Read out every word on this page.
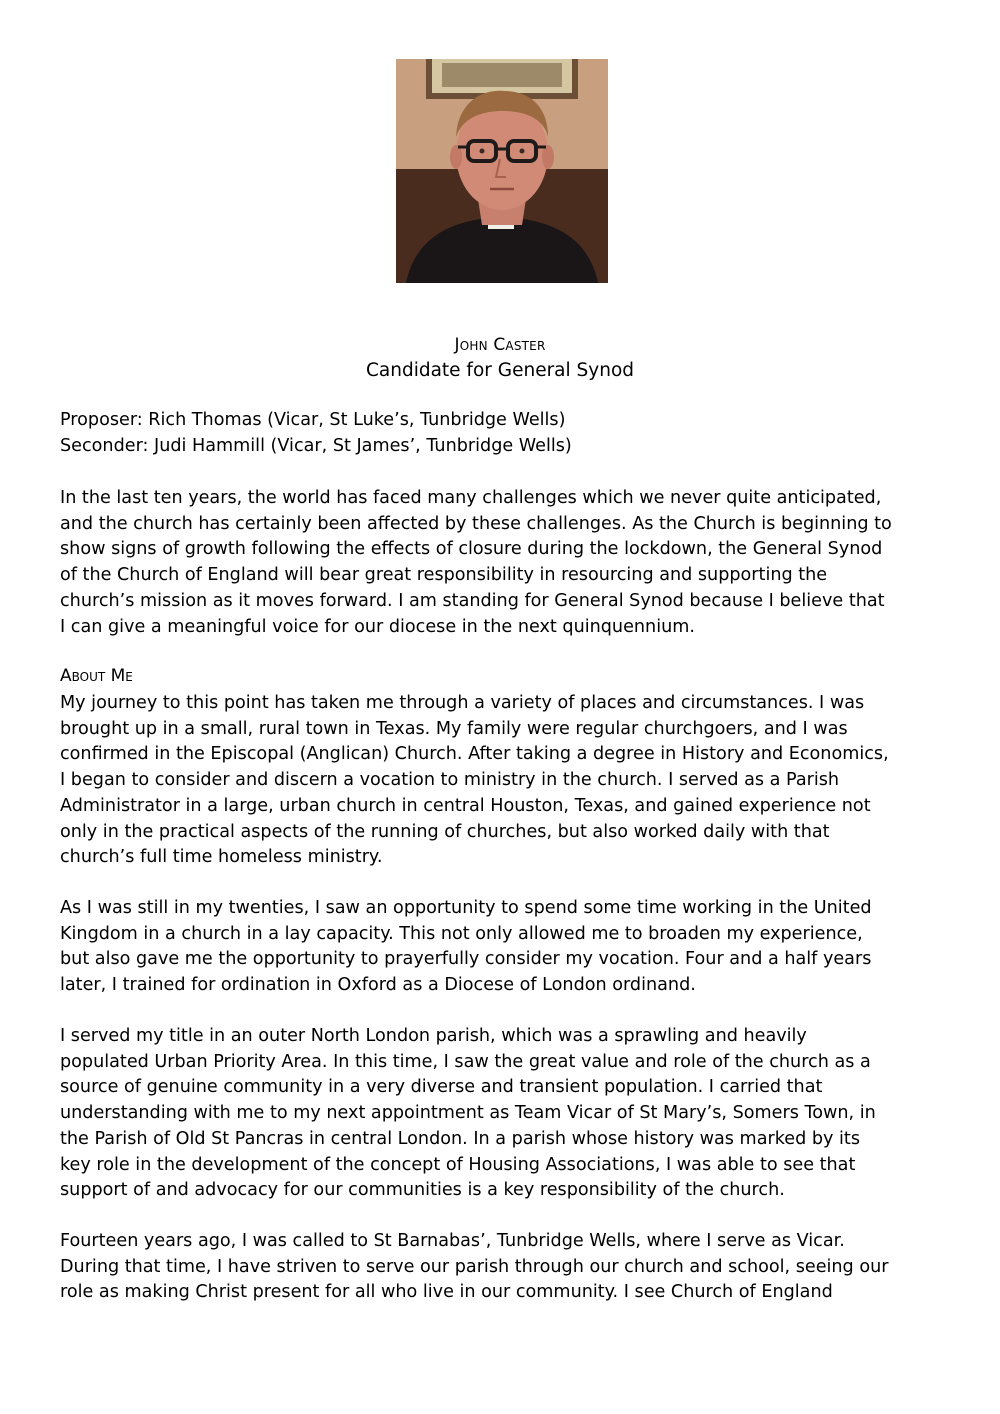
John Caster
Candidate for General Synod
Proposer: Rich Thomas (Vicar, St Luke’s, Tunbridge Wells)
Seconder: Judi Hammill (Vicar, St James’, Tunbridge Wells)
In the last ten years, the world has faced many challenges which we never quite anticipated,
and the church has certainly been affected by these challenges. As the Church is beginning to
show signs of growth following the effects of closure during the lockdown, the General Synod
of the Church of England will bear great responsibility in resourcing and supporting the
church’s mission as it moves forward. I am standing for General Synod because I believe that
I can give a meaningful voice for our diocese in the next quinquennium.
About Me
My journey to this point has taken me through a variety of places and circumstances. I was
brought up in a small, rural town in Texas. My family were regular churchgoers, and I was
confirmed in the Episcopal (Anglican) Church. After taking a degree in History and Economics,
I began to consider and discern a vocation to ministry in the church. I served as a Parish
Administrator in a large, urban church in central Houston, Texas, and gained experience not
only in the practical aspects of the running of churches, but also worked daily with that
church’s full time homeless ministry.
As I was still in my twenties, I saw an opportunity to spend some time working in the United
Kingdom in a church in a lay capacity. This not only allowed me to broaden my experience,
but also gave me the opportunity to prayerfully consider my vocation. Four and a half years
later, I trained for ordination in Oxford as a Diocese of London ordinand.
I served my title in an outer North London parish, which was a sprawling and heavily
populated Urban Priority Area. In this time, I saw the great value and role of the church as a
source of genuine community in a very diverse and transient population. I carried that
understanding with me to my next appointment as Team Vicar of St Mary’s, Somers Town, in
the Parish of Old St Pancras in central London. In a parish whose history was marked by its
key role in the development of the concept of Housing Associations, I was able to see that
support of and advocacy for our communities is a key responsibility of the church.
Fourteen years ago, I was called to St Barnabas’, Tunbridge Wells, where I serve as Vicar.
During that time, I have striven to serve our parish through our church and school, seeing our
role as making Christ present for all who live in our community. I see Church of England
